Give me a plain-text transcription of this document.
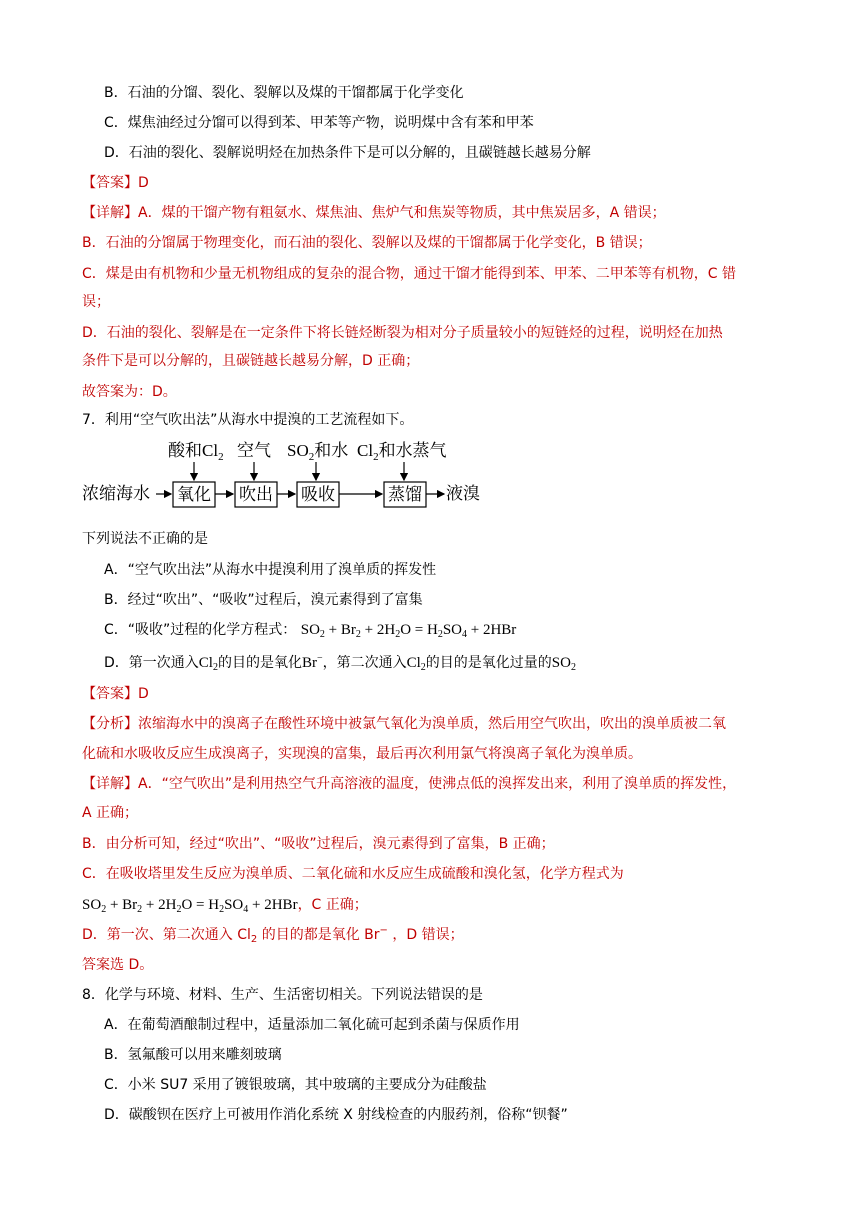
B．石油的分馏、裂化、裂解以及煤的干馏都属于化学变化
C．煤焦油经过分馏可以得到苯、甲苯等产物，说明煤中含有苯和甲苯
D．石油的裂化、裂解说明烃在加热条件下是可以分解的，且碳链越长越易分解
【答案】D
【详解】A．煤的干馏产物有粗氨水、煤焦油、焦炉气和焦炭等物质，其中焦炭居多，A 错误；
B．石油的分馏属于物理变化，而石油的裂化、裂解以及煤的干馏都属于化学变化，B 错误；
C．煤是由有机物和少量无机物组成的复杂的混合物，通过干馏才能得到苯、甲苯、二甲苯等有机物，C 错
误；
D．石油的裂化、裂解是在一定条件下将长链烃断裂为相对分子质量较小的短链烃的过程，说明烃在加热
条件下是可以分解的，且碳链越长越易分解，D 正确；
故答案为：D。
7．利用“空气吹出法”从海水中提溴的工艺流程如下。
酸和$Cl_2$ 空气 $SO_2$和水 $Cl_2$和水蒸气
浓缩海水 氧化 吹出 吸收	蒸馏 液溴
下列说法不正确的是
A．“空气吹出法”从海水中提溴利用了溴单质的挥发性
B．经过“吹出”、“吸收”过程后，溴元素得到了富集
C．“吸收”过程的化学方程式： $SO_2 + Br_2 + 2H_2O = H_2SO_4 + 2HBr$
D．第一次通入$Cl_2$的目的是氧化Br−，第二次通入$Cl_2$的目的是氧化过量的$SO_2$
【答案】D
【分析】浓缩海水中的溴离子在酸性环境中被氯气氧化为溴单质，然后用空气吹出，吹出的溴单质被二氧
化硫和水吸收反应生成溴离子，实现溴的富集，最后再次利用氯气将溴离子氧化为溴单质。
【详解】A．“空气吹出”是利用热空气升高溶液的温度，使沸点低的溴挥发出来，利用了溴单质的挥发性，
A 正确；
B．由分析可知，经过“吹出”、“吸收”过程后，溴元素得到了富集，B 正确；
C．在吸收塔里发生反应为溴单质、二氧化硫和水反应生成硫酸和溴化氢，化学方程式为
$SO_2 + Br_2 + 2H_2O = H_2SO_4 + 2HBr$，C 正确；
D．第一次、第二次通入 $Cl_2$ 的目的都是氧化 Br− ，D 错误；
答案选 D。
8．化学与环境、材料、生产、生活密切相关。下列说法错误的是
A．在葡萄酒酿制过程中，适量添加二氧化硫可起到杀菌与保质作用
B．氢氟酸可以用来雕刻玻璃
C．小米 SU7 采用了镀银玻璃，其中玻璃的主要成分为硅酸盐
D．碳酸钡在医疗上可被用作消化系统 X 射线检查的内服药剂，俗称“钡餐”
